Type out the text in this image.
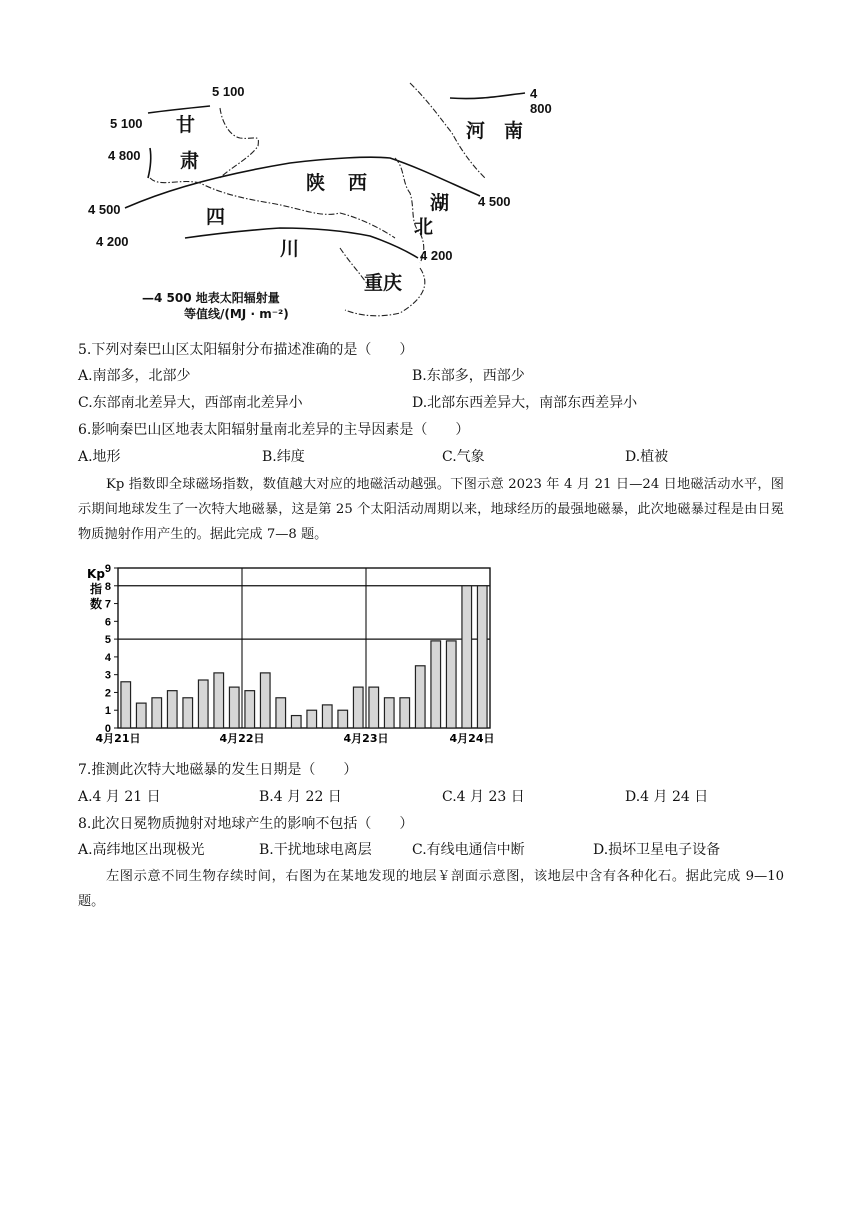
5 100
5 100
4 800
4 500
4 200
4 800
4 500
4 200
甘
肃
陕 西
河 南
湖
北
四
川
重庆
—4 500 地表太阳辐射量
等值线/(MJ · m⁻²)
5.下列对秦巴山区太阳辐射分布描述准确的是（　　）
A.南部多，北部少	B.东部多，西部少
C.东部南北差异大，西部南北差异小	D.北部东西差异大，南部东西差异小
6.影响秦巴山区地表太阳辐射量南北差异的主导因素是（　　）
A.地形	B.纬度	C.气象	D.植被
Kp 指数即全球磁场指数，数值越大对应的地磁活动越强。下图示意 2023 年 4 月 21 日—24 日地磁活动水平，图示期间地球发生了一次特大地磁暴，这是第 25 个太阳活动周期以来，地球经历的最强地磁暴，此次地磁暴过程是由日冕物质抛射作用产生的。据此完成 7—8 题。
0
1
2
3
4
5
6
7
8
9
Kp
指
数
4月21日	4月22日	4月23日	4月24日
7.推测此次特大地磁暴的发生日期是（　　）
A.4 月 21 日	B.4 月 22 日	C.4 月 23 日	D.4 月 24 日
8.此次日冕物质抛射对地球产生的影响不包括（　　）
A.高纬地区出现极光	B.干扰地球电离层	C.有线电通信中断	D.损坏卫星电子设备
左图示意不同生物存续时间，右图为在某地发现的地层￥剖面示意图，该地层中含有各种化石。据此完成 9—10 题。
